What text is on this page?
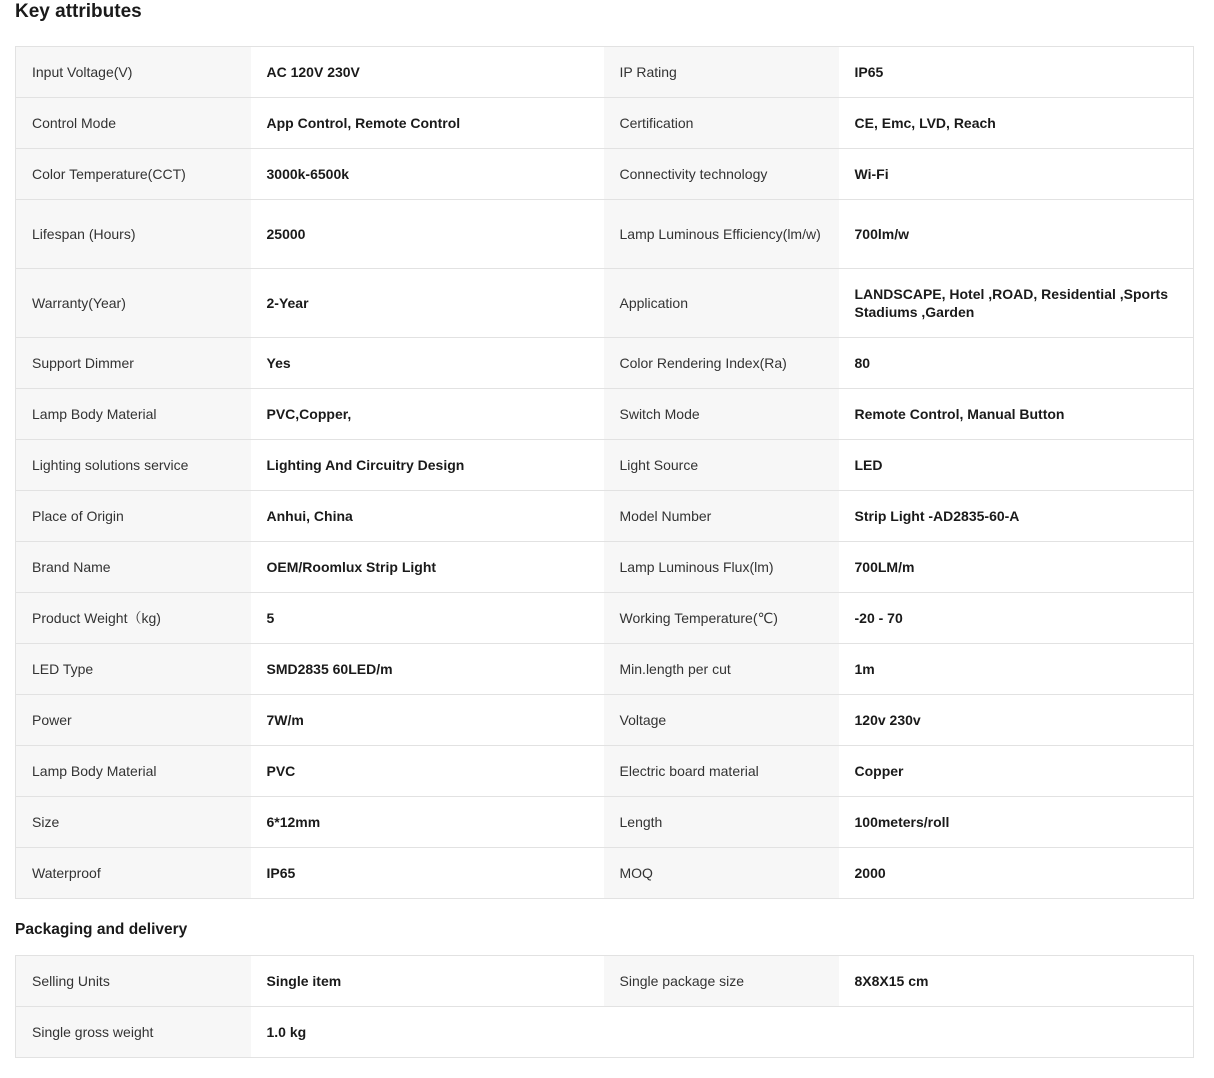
Key attributes
Input Voltage(V)	AC 120V 230V	IP Rating	IP65
Control Mode	App Control, Remote Control	Certification	CE, Emc, LVD, Reach
Color Temperature(CCT)	3000k-6500k	Connectivity technology	Wi-Fi
Lifespan (Hours)	25000	Lamp Luminous Efficiency(lm/w)	700lm/w
Warranty(Year)	2-Year	Application	LANDSCAPE, Hotel ,ROAD, Residential ,Sports Stadiums ,Garden
Support Dimmer	Yes	Color Rendering Index(Ra)	80
Lamp Body Material	PVC,Copper,	Switch Mode	Remote Control, Manual Button
Lighting solutions service	Lighting And Circuitry Design	Light Source	LED
Place of Origin	Anhui, China	Model Number	Strip Light -AD2835-60-A
Brand Name	OEM/Roomlux Strip Light	Lamp Luminous Flux(lm)	700LM/m
Product Weight（kg)	5	Working Temperature(℃)	-20 - 70
LED Type	SMD2835 60LED/m	Min.length per cut	1m
Power	7W/m	Voltage	120v 230v
Lamp Body Material	PVC	Electric board material	Copper
Size	6*12mm	Length	100meters/roll
Waterproof	IP65	MOQ	2000
Packaging and delivery
Selling Units	Single item	Single package size	8X8X15 cm
Single gross weight	1.0 kg		
